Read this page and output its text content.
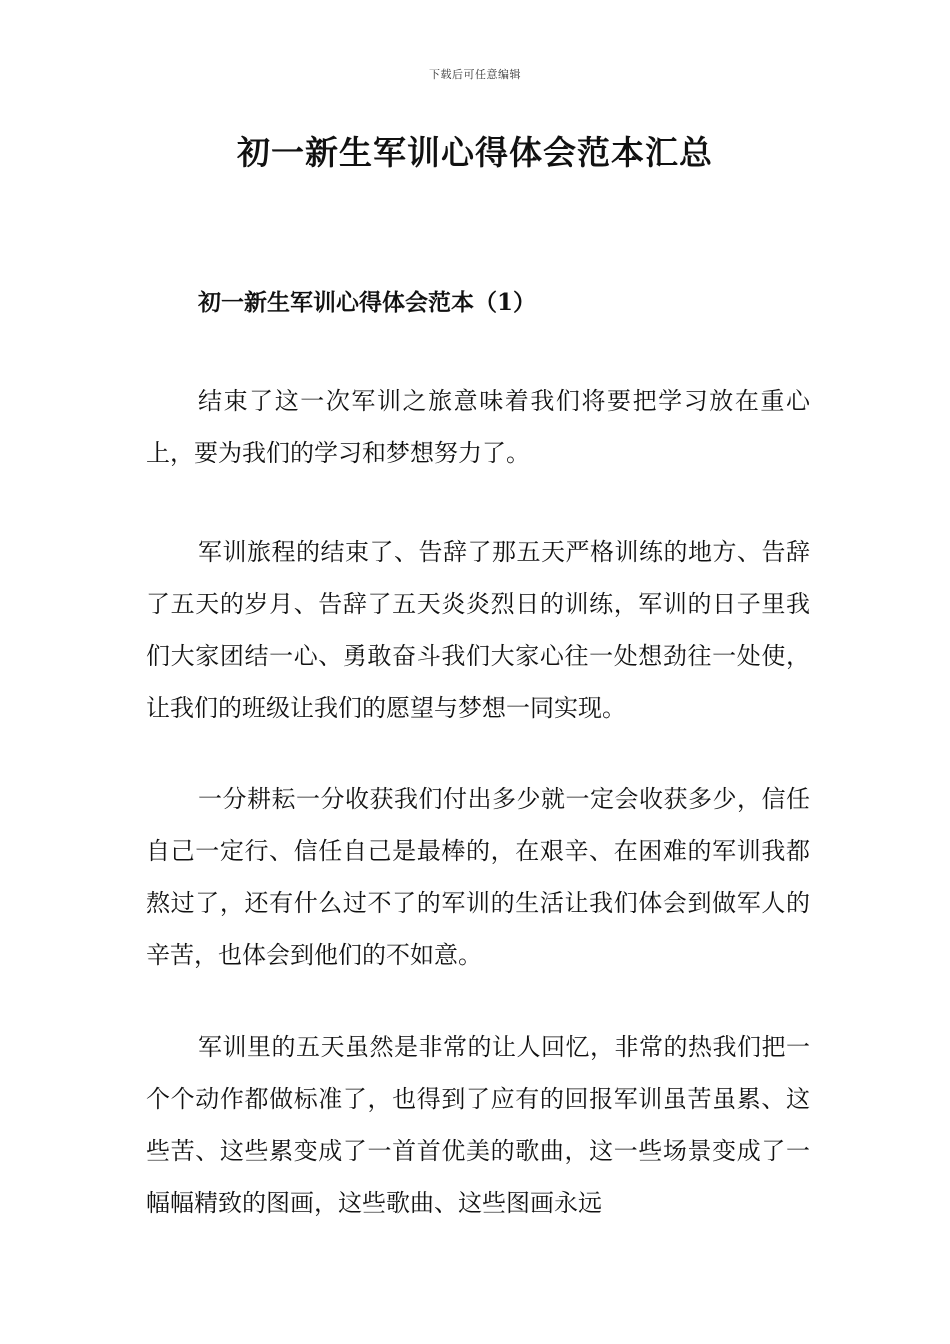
下载后可任意编辑
初一新生军训心得体会范本汇总
初一新生军训心得体会范本（1）

结束了这一次军训之旅意味着我们将要把学习放在重心上，要为我们的学习和梦想努力了。

军训旅程的结束了、告辞了那五天严格训练的地方、告辞了五天的岁月、告辞了五天炎炎烈日的训练，军训的日子里我们大家团结一心、勇敢奋斗我们大家心往一处想劲往一处使，让我们的班级让我们的愿望与梦想一同实现。

一分耕耘一分收获我们付出多少就一定会收获多少，信任自己一定行、信任自己是最棒的，在艰辛、在困难的军训我都熬过了，还有什么过不了的军训的生活让我们体会到做军人的辛苦，也体会到他们的不如意。

军训里的五天虽然是非常的让人回忆，非常的热我们把一个个动作都做标准了，也得到了应有的回报军训虽苦虽累、这些苦、这些累变成了一首首优美的歌曲，这一些场景变成了一幅幅精致的图画，这些歌曲、这些图画永远
